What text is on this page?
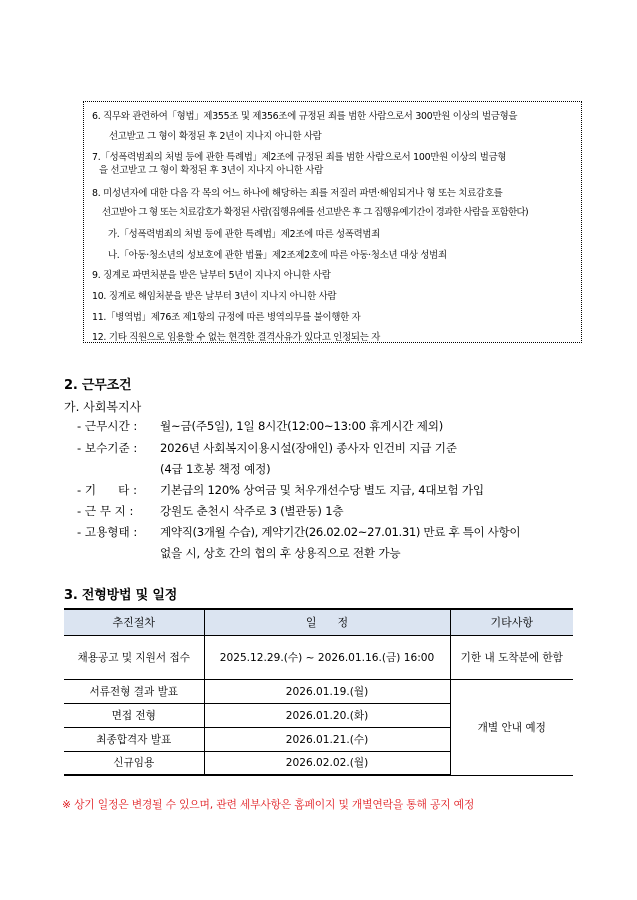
6. 직무와 관련하여「형법」제355조 및 제356조에 규정된 죄를 범한 사람으로서 300만원 이상의 벌금형을
선고받고 그 형이 확정된 후 2년이 지나지 아니한 사람
7.「성폭력범죄의 처벌 등에 관한 특례법」제2조에 규정된 죄를 범한 사람으로서 100만원 이상의 벌금형
을 선고받고 그 형이 확정된 후 3년이 지나지 아니한 사람
8. 미성년자에 대한 다음 각 목의 어느 하나에 해당하는 죄를 저질러 파면·해임되거나 형 또는 치료감호를
선고받아 그 형 또는 치료감호가 확정된 사람(집행유예를 선고받은 후 그 집행유예기간이 경과한 사람을 포함한다)
가.「성폭력범죄의 처벌 등에 관한 특례법」제2조에 따른 성폭력범죄
나.「아동·청소년의 성보호에 관한 법률」제2조제2호에 따른 아동·청소년 대상 성범죄
9. 징계로 파면처분을 받은 날부터 5년이 지나지 아니한 사람
10. 징계로 해임처분을 받은 날부터 3년이 지나지 아니한 사람
11.「병역법」제76조 제1항의 규정에 따른 병역의무를 불이행한 자
12. 기타 직원으로 임용할 수 없는 현격한 결격사유가 있다고 인정되는 자
2. 근무조건
가. 사회복지사
- 근무시간 : 월~금(주5일), 1일 8시간(12:00~13:00 휴게시간 제외)
- 보수기준 : 2026년 사회복지이용시설(장애인) 종사자 인건비 지급 기준
(4급 1호봉 책정 예정)
- 기      타 : 기본급의 120% 상여금 및 처우개선수당 별도 지급, 4대보험 가입
- 근 무 지 : 강원도 춘천시 삭주로 3 (별관동) 1층
- 고용형태 : 계약직(3개월 수습), 계약기간(26.02.02~27.01.31) 만료 후 특이 사항이
없을 시, 상호 간의 협의 후 상용직으로 전환 가능
3. 전형방법 및 일정
추진절차	일      정	기타사항
채용공고 및 지원서 접수	2025.12.29.(수) ~ 2026.01.16.(금) 16:00	기한 내 도착분에 한함
서류전형 결과 발표	2026.01.19.(월)	개별 안내 예정
면접 전형	2026.01.20.(화)	
최종합격자 발표	2026.01.21.(수)	
신규임용	2026.02.02.(월)	
※ 상기 일정은 변경될 수 있으며, 관련 세부사항은 홈페이지 및 개별연락을 통해 공지 예정
